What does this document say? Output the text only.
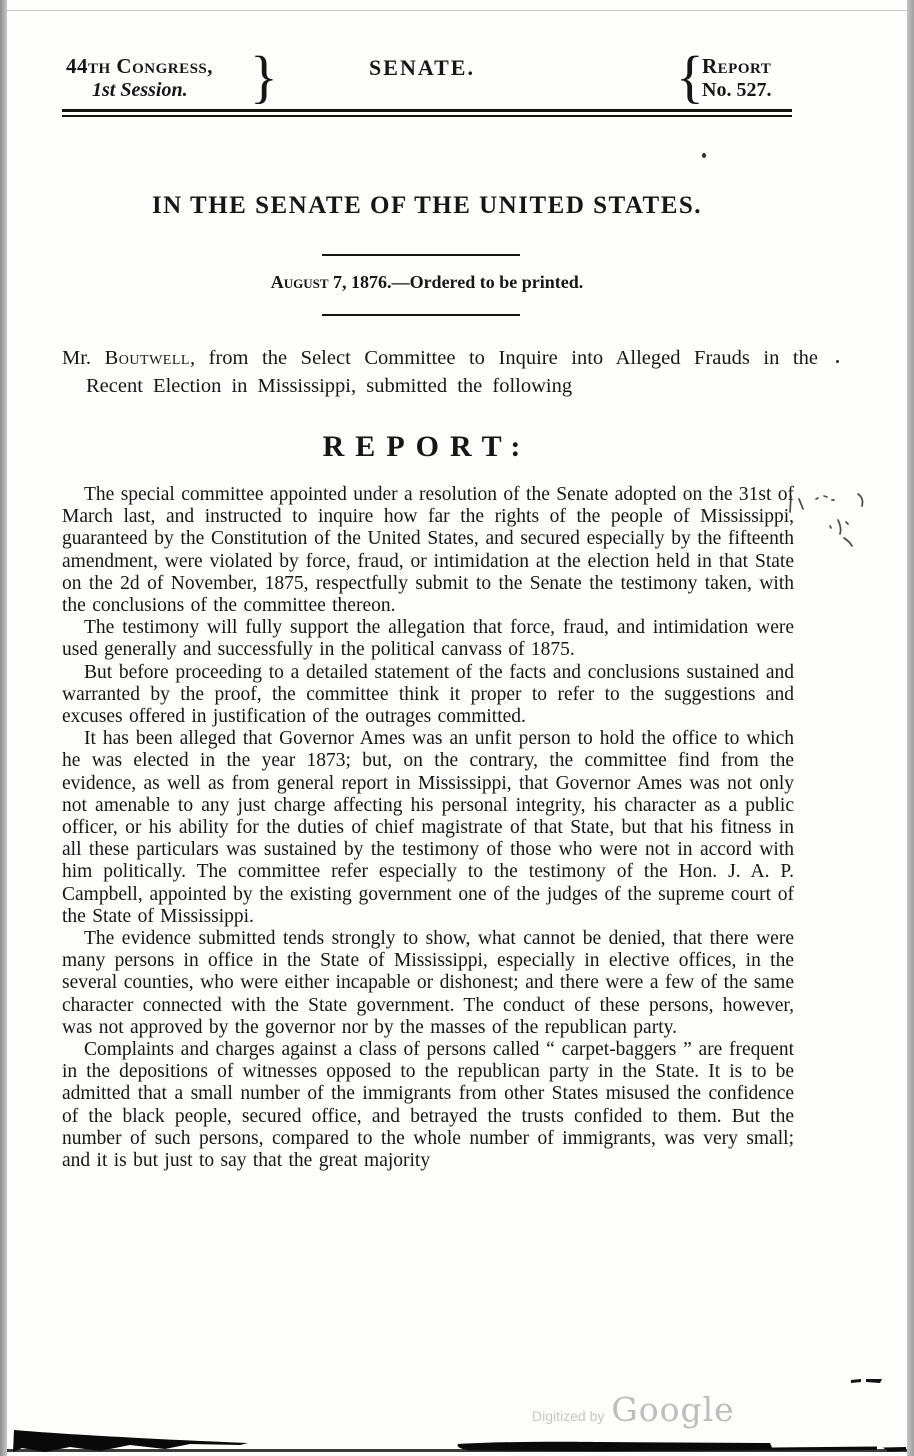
44th Congress,
1st Session.	}	SENATE.	{
Report
No. 527.
IN THE SENATE OF THE UNITED STATES.
August 7, 1876.—Ordered to be printed.

Mr. Boutwell, from the Select Committee to Inquire into Alleged Frauds in the Recent Election in Mississippi, submitted the following

REPORT:

The special committee appointed under a resolution of the Senate adopted on the 31st of March last, and instructed to inquire how far the rights of the people of Mississippi, guaranteed by the Constitution of the United States, and secured especially by the fifteenth amendment, were violated by force, fraud, or intimidation at the election held in that State on the 2d of November, 1875, respectfully submit to the Senate the testimony taken, with the conclusions of the committee thereon.

The testimony will fully support the allegation that force, fraud, and intimidation were used generally and successfully in the political canvass of 1875.

But before proceeding to a detailed statement of the facts and conclusions sustained and warranted by the proof, the committee think it proper to refer to the suggestions and excuses offered in justification of the outrages committed.

It has been alleged that Governor Ames was an unfit person to hold the office to which he was elected in the year 1873; but, on the contrary, the committee find from the evidence, as well as from general report in Mississippi, that Governor Ames was not only not amenable to any just charge affecting his personal integrity, his character as a public officer, or his ability for the duties of chief magistrate of that State, but that his fitness in all these particulars was sustained by the testimony of those who were not in accord with him politically. The committee refer especially to the testimony of the Hon. J. A. P. Campbell, appointed by the existing government one of the judges of the supreme court of the State of Mississippi.

The evidence submitted tends strongly to show, what cannot be denied, that there were many persons in office in the State of Mississippi, especially in elective offices, in the several counties, who were either incapable or dishonest; and there were a few of the same character connected with the State government. The conduct of these persons, however, was not approved by the governor nor by the masses of the republican party.

Complaints and charges against a class of persons called “ carpet-baggers ” are frequent in the depositions of witnesses opposed to the republican party in the State. It is to be admitted that a small number of the immigrants from other States misused the confidence of the black people, secured office, and betrayed the trusts confided to them. But the number of such persons, compared to the whole number of immigrants, was very small; and it is but just to say that the great majority

Digitized by Google
